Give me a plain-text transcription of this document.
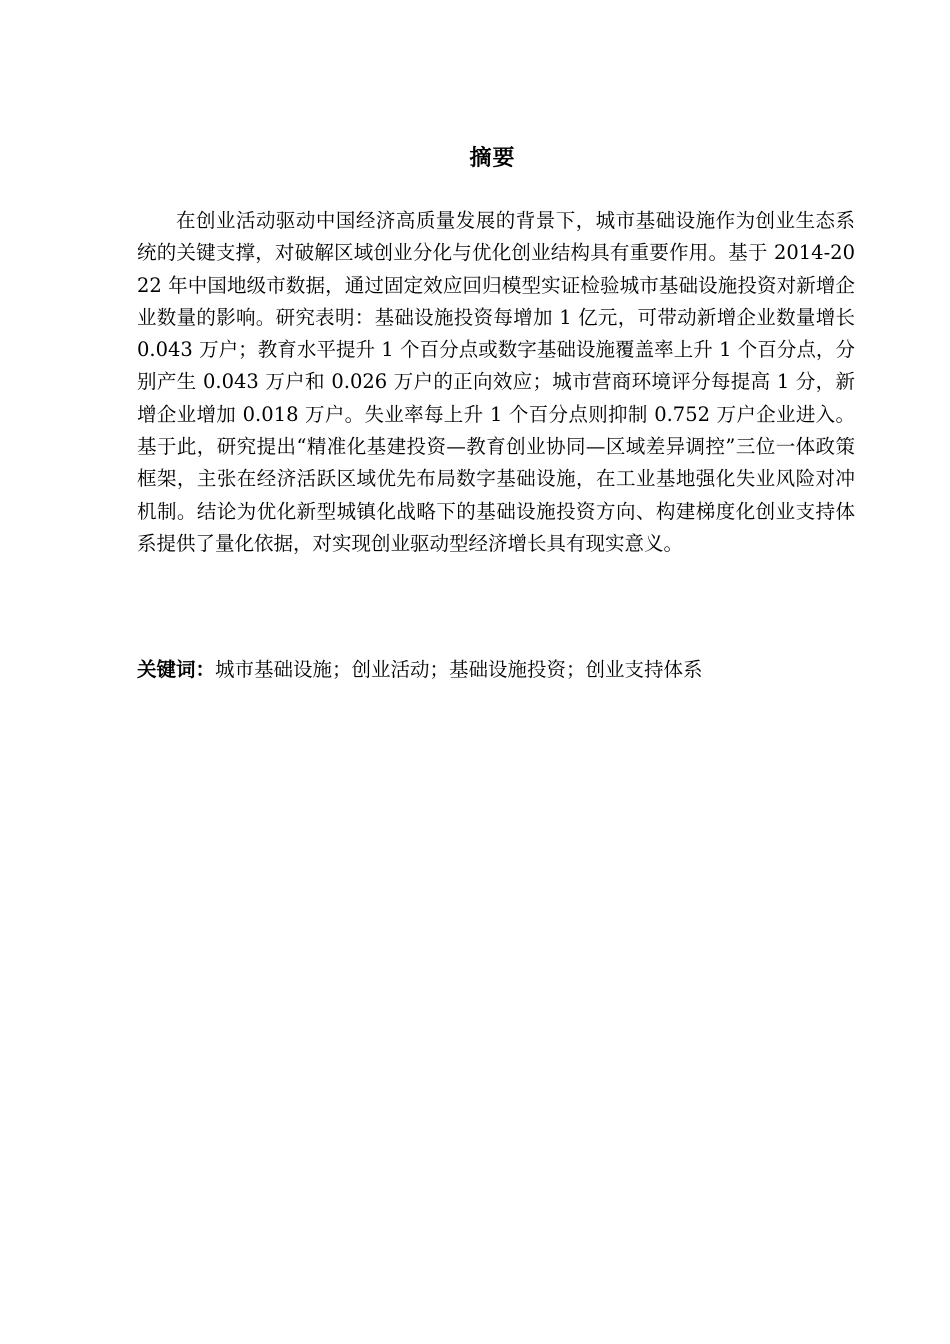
摘要

在创业活动驱动中国经济高质量发展的背景下，城市基础设施作为创业生态系统的关键支撑，对破解区域创业分化与优化创业结构具有重要作用。基于 2014-2022 年中国地级市数据，通过固定效应回归模型实证检验城市基础设施投资对新增企业数量的影响。研究表明：基础设施投资每增加 1 亿元，可带动新增企业数量增长 0.043 万户；教育水平提升 1 个百分点或数字基础设施覆盖率上升 1 个百分点，分别产生 0.043 万户和 0.026 万户的正向效应；城市营商环境评分每提高 1 分，新增企业增加 0.018 万户。失业率每上升 1 个百分点则抑制 0.752 万户企业进入。基于此，研究提出“精准化基建投资—教育创业协同—区域差异调控”三位一体政策框架，主张在经济活跃区域优先布局数字基础设施，在工业基地强化失业风险对冲机制。结论为优化新型城镇化战略下的基础设施投资方向、构建梯度化创业支持体系提供了量化依据，对实现创业驱动型经济增长具有现实意义。

关键词：城市基础设施；创业活动；基础设施投资；创业支持体系
